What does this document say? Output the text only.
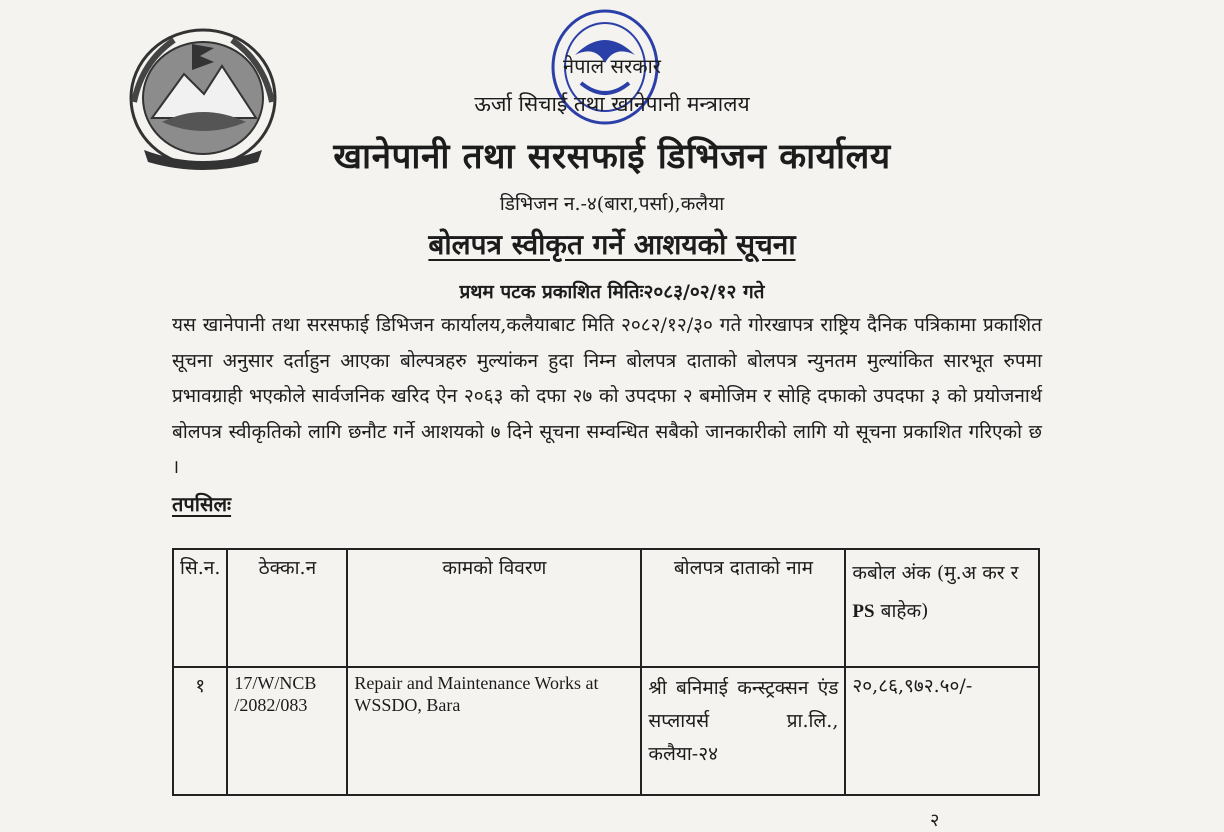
नेपाल सरकार
ऊर्जा सिचाई तथा खानेपानी मन्त्रालय
खानेपानी तथा सरसफाई डिभिजन कार्यालय
डिभिजन न.-४(बारा,पर्सा),कलैया
बोलपत्र स्वीकृत गर्ने आशयको सूचना
प्रथम पटक प्रकाशित मितिः२०८३/०२/१२ गते
यस खानेपानी तथा सरसफाई डिभिजन कार्यालय,कलैयाबाट मिति २०८२/१२/३० गते गोरखापत्र राष्ट्रिय दैनिक पत्रिकामा प्रकाशित सूचना अनुसार दर्ताहुन आएका बोल्पत्रहरु मुल्यांकन हुदा निम्न बोलपत्र दाताको बोलपत्र न्युनतम मुल्यांकित सारभूत रुपमा प्रभावग्राही भएकोले सार्वजनिक खरिद ऐन २०६३ को दफा २७ को उपदफा २ बमोजिम र सोहि दफाको उपदफा ३ को प्रयोजनार्थ बोलपत्र स्वीकृतिको लागि छनौट गर्ने आशयको ७ दिने सूचना सम्वन्धित सबैको जानकारीको लागि यो सूचना प्रकाशित गरिएको छ ।
तपसिलः
सि.न.	ठेक्का.न	कामको विवरण	बोलपत्र दाताको नाम	कबोल अंक (मु.अ कर र PS बाहेक)
१	17/W/NCB /2082/083	Repair and Maintenance Works at WSSDO, Bara	श्री बनिमाई कन्स्ट्रक्सन एंड सप्लायर्स प्रा.लि., कलैया-२४	२०,८६,९७२.५०/-
२
